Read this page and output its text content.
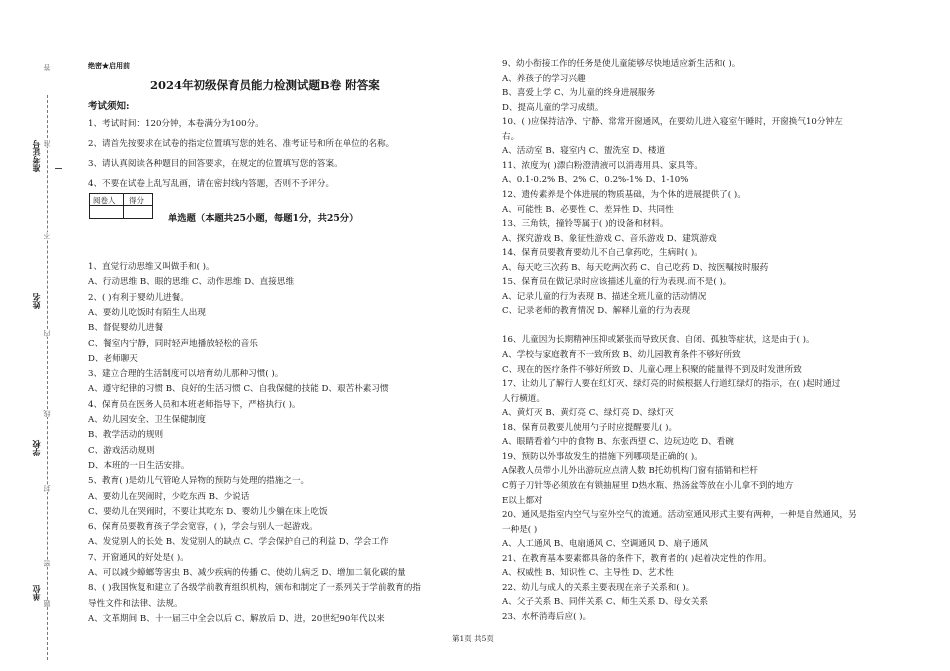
准考证号
姓名
学校
单位
答
准
不
内
线
封
密
题
绝密★启用前
2024年初级保育员能力检测试题B卷 附答案
考试须知:
1、考试时间：120分钟，本卷满分为100分。
2、请首先按要求在试卷的指定位置填写您的姓名、准考证号和所在单位的名称。
3、请认真阅读各种题目的回答要求，在规定的位置填写您的答案。
4、不要在试卷上乱写乱画，请在密封线内答题，否则不予评分。
阅卷人 得分
单选题（本题共25小题，每题1分，共25分）
1、直觉行动思维又叫做手和( )。
A、行动思维 B、眼的思维 C、动作思维 D、直接思维
2、( )有利于婴幼儿进餐。
A、要幼儿吃饭时有陌生人出现
B、督促婴幼儿进餐
C、餐室内宁静，同时轻声地播放轻松的音乐
D、老师聊天
3、建立合理的生活制度可以培育幼儿那种习惯( )。
A、遵守纪律的习惯 B、良好的生活习惯 C、自我保健的技能 D、艰苦朴素习惯
4、保育员在医务人员和本班老师指导下，严格执行( )。
A、幼儿园安全、卫生保健制度
B、教学活动的规则
C、游戏活动规则
D、本班的一日生活安排。
5、教育( )是幼儿气管呛人异物的预防与处理的措施之一。
A、要幼儿在哭闹时，少吃东西 B、少说话
C、要幼儿在哭闹时，不要让其吃东 D、婴幼儿少躺在床上吃饭
6、保育员要教育孩子学会宽容，( )，学会与别人一起游戏。
A、发觉别人的长处 B、发觉别人的缺点 C、学会保护自己的利益 D、学会工作
7、开窗通风的好处是( )。
A、可以减少蟑螂等害虫 B、减少疾病的传播 C、使幼儿病乏 D、增加二氧化碳的量
8、( )我国恢复和建立了各级学前教育组织机构，颁布和制定了一系列关于学前教育的指
导性文件和法律、法规。
A、文革期间 B、十一届三中全会以后 C、解放后 D、进，20世纪90年代以来
9、幼小衔接工作的任务是使儿童能够尽快地适应新生活和( )。
A、养孩子的学习兴趣
B、喜爱上学 C、为儿童的终身进展服务
D、提高儿童的学习成绩。
10、( )应保持洁净、宁静、常常开窗通风，在要幼儿进入寝室午睡时，开窗换气10分钟左
右。
A、活动室 B、寝室内 C、盥洗室 D、楼道
11、浓度为( )漂白粉澄清液可以消毒用具、家具等。
A、0.1-0.2% B、2% C、0.2%-1% D、1-10%
12、遗传素养是个体进展的物质基础，为个体的进展提供了( )。
A、可能性 B、必要性 C、差异性 D、共同性
13、三角铁，撞铃等属于( )的设备和材料。
A、探究游戏 B、象征性游戏 C、音乐游戏 D、建筑游戏
14、保育员要教育要幼儿不自己拿药吃，生病时( )。
A、每天吃三次药 B、每天吃两次药 C、自己吃药 D、按医嘱按时服药
15、保育员在做记录时应该描述儿童的行为表现.而不是( )。
A、记录儿童的行为表现 B、描述全班儿童的活动情况
C、记录老师的教育情况 D、解释儿童的行为表现
16、儿童因为长期精神压抑或紧张而导致厌食、自闭、孤独等症状，这是由于( )。
A、学校与家庭教育不一致所致 B、幼儿园教育条件不够好所致
C、现在的医疗条件不够好所致 D、儿童心理上积聚的能量得不到及时发泄所致
17、让幼儿了解行人要在红灯灭、绿灯亮的时候根据人行道红绿灯的指示，在( )起时通过
人行横道。
A、黄灯灭 B、黄灯亮 C、绿灯亮 D、绿灯灭
18、保育员教要儿使用勺子时应提醒要儿( )。
A、眼睛看着勺中的食物 B、东张西望 C、边玩边吃 D、看碗
19、预防以外事故发生的措施下列哪项是正确的( )。
A保教人员带小儿外出游玩应点清人数 B托幼机构门窗有插销和栏杆
C剪子刀针等必须放在有锁抽屉里 D热水瓶、热汤盆等放在小儿拿不到的地方
E以上都对
20、通风是指室内空气与室外空气的流通。活动室通风形式主要有两种，一种是自然通风，另
一种是( )
A、人工通风 B、电扇通风 C、空调通风 D、扇子通风
21、在教育基本要素都具备的条件下，教育者的( )起着决定性的作用。
A、权威性 B、知识性 C、主导性 D、艺术性
22、幼儿与成人的关系主要表现在亲子关系和( )。
A、父子关系 B、同伴关系 C、师生关系 D、母女关系
23、水杯消毒后应( )。
第1页 共5页
